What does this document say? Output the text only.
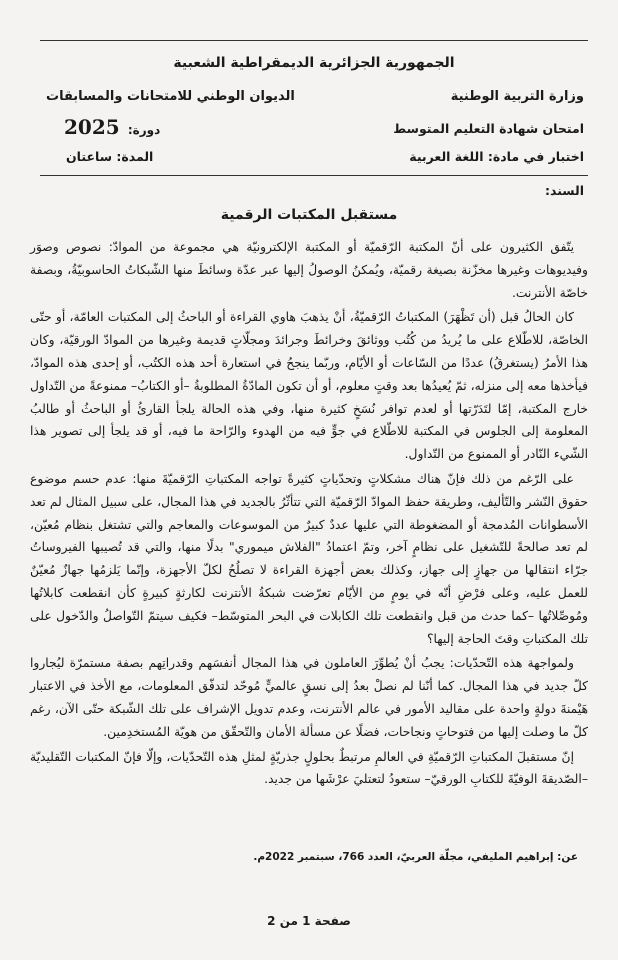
الجمهورية الجزائرية الديمقراطية الشعبية
وزارة التربية الوطنية
الديوان الوطني للامتحانات والمسابقات
امتحان شهادة التعليم المتوسط
دورة: 2025
اختبار في مادة: اللغة العربية
المدة: ساعتان
السند:
مستقبل المكتبات الرقمية

يتّفق الكثيرون على أنّ المكتبة الرّقميّة أو المكتبة الإلكترونيّة هي مجموعة من الموادّ: نصوص وصوَر وفيديوهات وغيرها مخزّنة بصيغة رقميّة، ويُمكنُ الوصولُ إليها عبر عدّة وسائطَ منها الشّبكاتُ الحاسوبيّةُ، وبصفة خاصّة الأنترنت.

كان الحالُ قبل (أن تَظْهَرَ) المكتباتُ الرّقميّةُ، أنْ يذهبَ هاوي القراءة أو الباحثُ إلى المكتبات العامّة، أو حتّى الخاصّة، للاطّلاع على ما يُريدُ من كُتُب ووثائقَ وخرائطَ وجرائدَ ومجلّاتٍ قديمة وغيرها من الموادّ الورقيّة، وكان هذا الأمرُ (يستغرقُ) عددًا من السّاعات أو الأيّام، وربّما ينجحُ في استعارة أحد هذه الكتُب، أو إحدى هذه الموادّ، فيأخذها معه إلى منزله، ثمّ يُعيدُها بعد وقتٍ معلوم، أو أن تكون المادّةُ المطلوبةُ –أو الكتابُ– ممنوعةً من التّداول خارج المكتبة، إمّا لتَدَرّتها أو لعدم توافر نُسَخٍ كثيرة منها، وفي هذه الحالة يلجأ القارئُ أو الباحثُ أو طالبُ المعلومة إلى الجلوس في المكتبة للاطّلاع في جوٍّ فيه من الهدوء والرّاحة ما فيه، أو قد يلجأ إلى تصوير هذا الشّيء النّادر أو الممنوع من التّداول.

على الرّغم من ذلك فإنّ هناك مشكلاتٍ وتحدّياتٍ كثيرةً تواجه المكتباتِ الرّقميّةَ منها: عدم حسم موضوع حقوق النّشر والتّأليف، وطريقة حفظ الموادّ الرّقميّة التي تتأثّرُ بالجديد في هذا المجال، على سبيل المثال لم تعد الأسطوانات المُدمجة أو المضغوطة التي عليها عددٌ كبيرٌ من الموسوعات والمعاجم والتي تشتغل بنظام مُعيّن، لم تعد صالحةً للتّشغيل على نظامٍ آخر، وتمّ اعتمادُ "الفلاش ميموري" بدلًا منها، والتي قد تُصيبها الفيروساتُ جرّاء انتقالها من جهازٍ إلى جهاز، وكذلك بعض أجهزة القراءة لا تصلُحُ لكلّ الأجهزة، وإنّما يَلزمُها جهازٌ مُعيّنٌ للعمل عليه، وعلى فرْضِ أنّه في يومٍ من الأيّام تعرّضت شبكةُ الأنترنت لكارثةٍ كبيرةٍ كأن انقطعت كابلاتُها ومُوصِّلاتُها –كما حدث من قبل وانقطعت تلك الكابلات في البحر المتوسّط– فكيف سيتمّ التّواصلُ والدّخول على تلك المكتباتِ وقتَ الحاجة إليها؟

ولمواجهة هذه التّحدّيات: يجبُ أنْ يُطوِّرَ العاملون في هذا المجال أنفسَهم وقدراتِهم بصفة مستمرّة ليُجاروا كلّ جديد في هذا المجال. كما أنّنا لم نصلْ بعدُ إلى نسقٍ عالميٍّ مُوحّد لتدفّق المعلومات، مع الأخذ في الاعتبار هَيْمنةَ دولةٍ واحدة على مقاليد الأمور في عالم الأنترنت، وعدم تدويل الإشراف على تلك الشّبكة حتّى الآن، رغم كلّ ما وصلت إليها من فتوحاتٍ ونجاحات، فضلًا عن مسألة الأمان والتّحقّق من هويّة المُستخدِمين.

إنّ مستقبلَ المكتباتِ الرّقميّةِ في العالمِ مرتبطٌ بحلولٍ جذريّةٍ لمثلِ هذه التّحدّيات، وإلّا فإنّ المكتبات التّقليديّة –الصّديقةَ الوفيّةَ للكتابِ الورقيّ– ستعودُ لتعتليَ عرْشَها من جديد.

عن: إبراهيم المليفي، مجلّة العربيّ، العدد 766، سبتمبر 2022م.
صفحة 1 من 2
